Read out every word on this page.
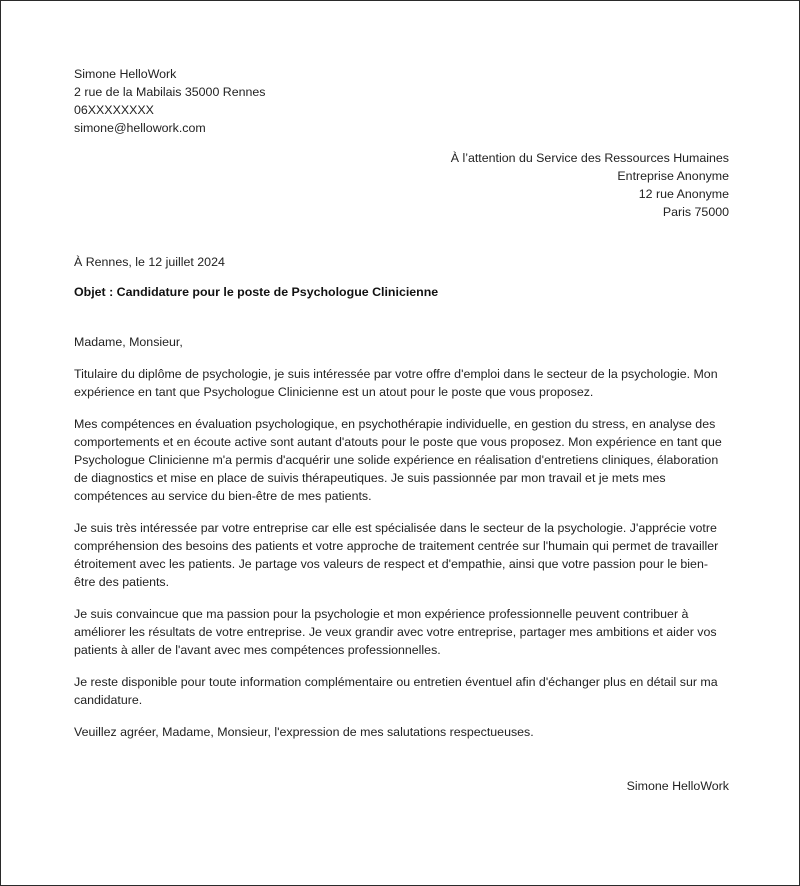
Simone HelloWork
2 rue de la Mabilais 35000 Rennes
06XXXXXXXX
simone@hellowork.com
À l’attention du Service des Ressources Humaines
Entreprise Anonyme
12 rue Anonyme
Paris 75000
À Rennes, le 12 juillet 2024
Objet : Candidature pour le poste de Psychologue Clinicienne
Madame, Monsieur,
Titulaire du diplôme de psychologie, je suis intéressée par votre offre d'emploi dans le secteur de la psychologie. Mon expérience en tant que Psychologue Clinicienne est un atout pour le poste que vous proposez.
Mes compétences en évaluation psychologique, en psychothérapie individuelle, en gestion du stress, en analyse des comportements et en écoute active sont autant d'atouts pour le poste que vous proposez. Mon expérience en tant que Psychologue Clinicienne m'a permis d'acquérir une solide expérience en réalisation d'entretiens cliniques, élaboration de diagnostics et mise en place de suivis thérapeutiques. Je suis passionnée par mon travail et je mets mes compétences au service du bien-être de mes patients.
Je suis très intéressée par votre entreprise car elle est spécialisée dans le secteur de la psychologie. J'apprécie votre compréhension des besoins des patients et votre approche de traitement centrée sur l'humain qui permet de travailler étroitement avec les patients. Je partage vos valeurs de respect et d'empathie, ainsi que votre passion pour le bien-être des patients.
Je suis convaincue que ma passion pour la psychologie et mon expérience professionnelle peuvent contribuer à améliorer les résultats de votre entreprise. Je veux grandir avec votre entreprise, partager mes ambitions et aider vos patients à aller de l'avant avec mes compétences professionnelles.
Je reste disponible pour toute information complémentaire ou entretien éventuel afin d'échanger plus en détail sur ma candidature.
Veuillez agréer, Madame, Monsieur, l'expression de mes salutations respectueuses.
Simone HelloWork
